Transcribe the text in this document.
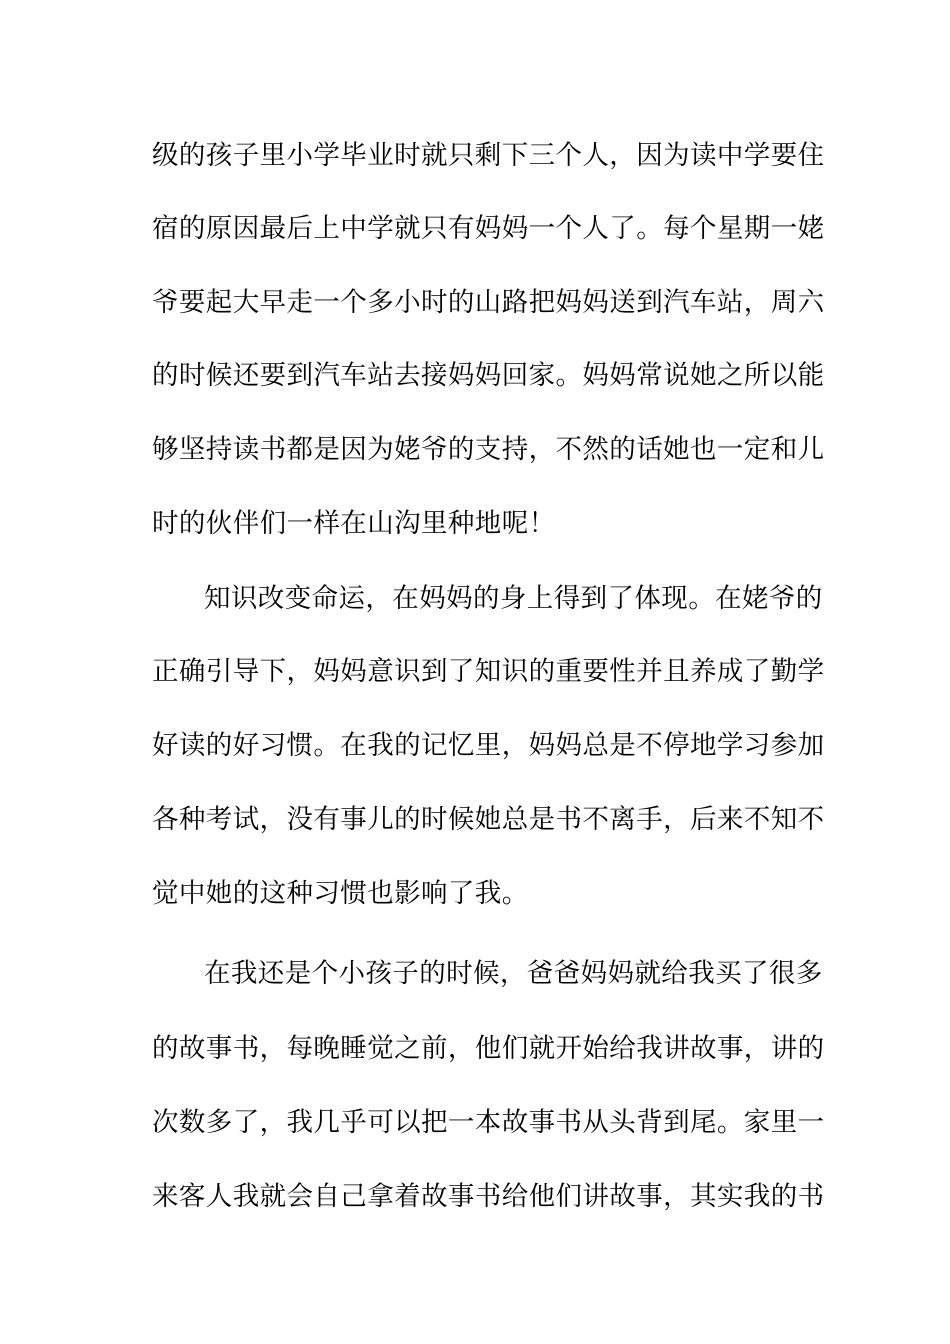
级的孩子里小学毕业时就只剩下三个人，因为读中学要住
宿的原因最后上中学就只有妈妈一个人了。每个星期一姥
爷要起大早走一个多小时的山路把妈妈送到汽车站，周六
的时候还要到汽车站去接妈妈回家。妈妈常说她之所以能
够坚持读书都是因为姥爷的支持，不然的话她也一定和儿
时的伙伴们一样在山沟里种地呢！
知识改变命运，在妈妈的身上得到了体现。在姥爷的
正确引导下，妈妈意识到了知识的重要性并且养成了勤学
好读的好习惯。在我的记忆里，妈妈总是不停地学习参加
各种考试，没有事儿的时候她总是书不离手，后来不知不
觉中她的这种习惯也影响了我。
在我还是个小孩子的时候，爸爸妈妈就给我买了很多
的故事书，每晚睡觉之前，他们就开始给我讲故事，讲的
次数多了，我几乎可以把一本故事书从头背到尾。家里一
来客人我就会自己拿着故事书给他们讲故事，其实我的书
